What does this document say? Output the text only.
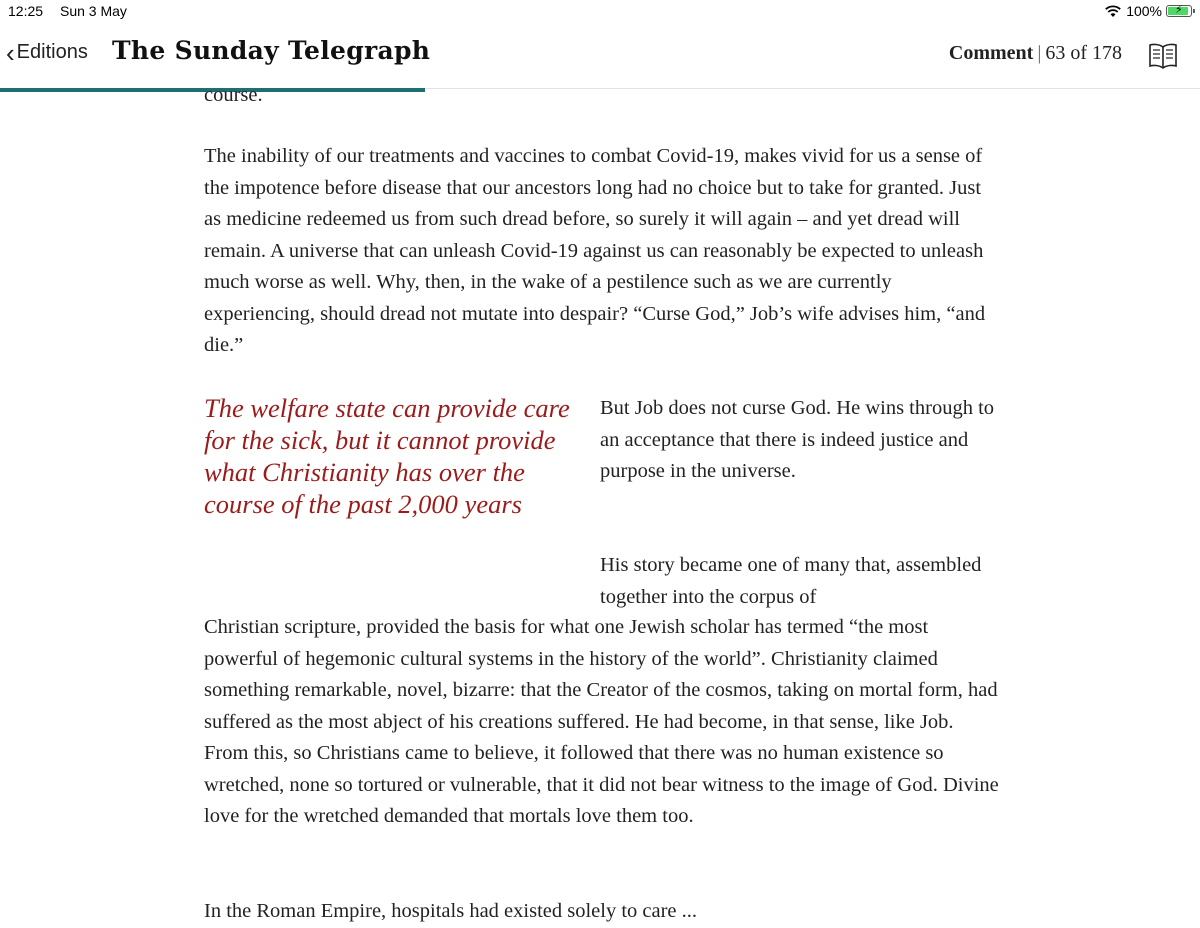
12:25 Sun 3 May	100% ⚡
‹ Editions The Sunday Telegraph	Comment | 63 of 178

course.

The inability of our treatments and vaccines to combat Covid-19, makes vivid for us a sense of the impotence before disease that our ancestors long had no choice but to take for granted. Just as medicine redeemed us from such dread before, so surely it will again – and yet dread will remain. A universe that can unleash Covid-19 against us can reasonably be expected to unleash much worse as well. Why, then, in the wake of a pestilence such as we are currently experiencing, should dread not mutate into despair? “Curse God,” Job’s wife advises him, “and die.”

The welfare state can provide care for the sick, but it cannot provide what Christianity has over the course of the past 2,000 years

But Job does not curse God. He wins through to an acceptance that there is indeed justice and purpose in the universe.

His story became one of many that, assembled together into the corpus of

Christian scripture, provided the basis for what one Jewish scholar has termed “the most powerful of hegemonic cultural systems in the history of the world”. Christianity claimed something remarkable, novel, bizarre: that the Creator of the cosmos, taking on mortal form, had suffered as the most abject of his creations suffered. He had become, in that sense, like Job. From this, so Christians came to believe, it followed that there was no human existence so wretched, none so tortured or vulnerable, that it did not bear witness to the image of God. Divine love for the wretched demanded that mortals love them too.

In the Roman Empire, hospitals had existed solely to care ...
